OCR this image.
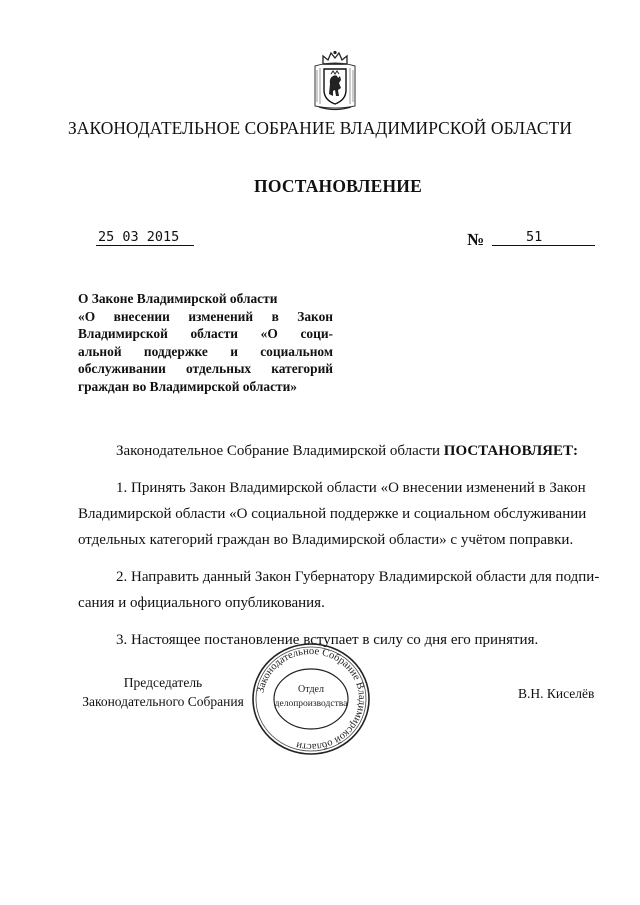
ЗАКОНОДАТЕЛЬНОЕ СОБРАНИЕ ВЛАДИМИРСКОЙ ОБЛАСТИ
ПОСТАНОВЛЕНИЕ
25 03 2015	№	51
О Законе Владимирской области
«О внесении изменений в Закон
Владимирской области «О соци-
альной поддержке и социальном
обслуживании отдельных категорий
граждан во Владимирской области»

Законодательное Собрание Владимирской области ПОСТАНОВЛЯЕТ:

1. Принять Закон Владимирской области «О внесении изменений в Закон
Владимирской области «О социальной поддержке и социальном обслуживании
отдельных категорий граждан во Владимирской области» с учётом поправки.

2. Направить данный Закон Губернатору Владимирской области для подпи-
сания и официального опубликования.

3. Настоящее постановление вступает в силу со дня его принятия.

Председатель
Законодательного Собрания
Законодательное Собрание Владимирской области
Отдел
делопроизводства
В.Н. Киселёв
